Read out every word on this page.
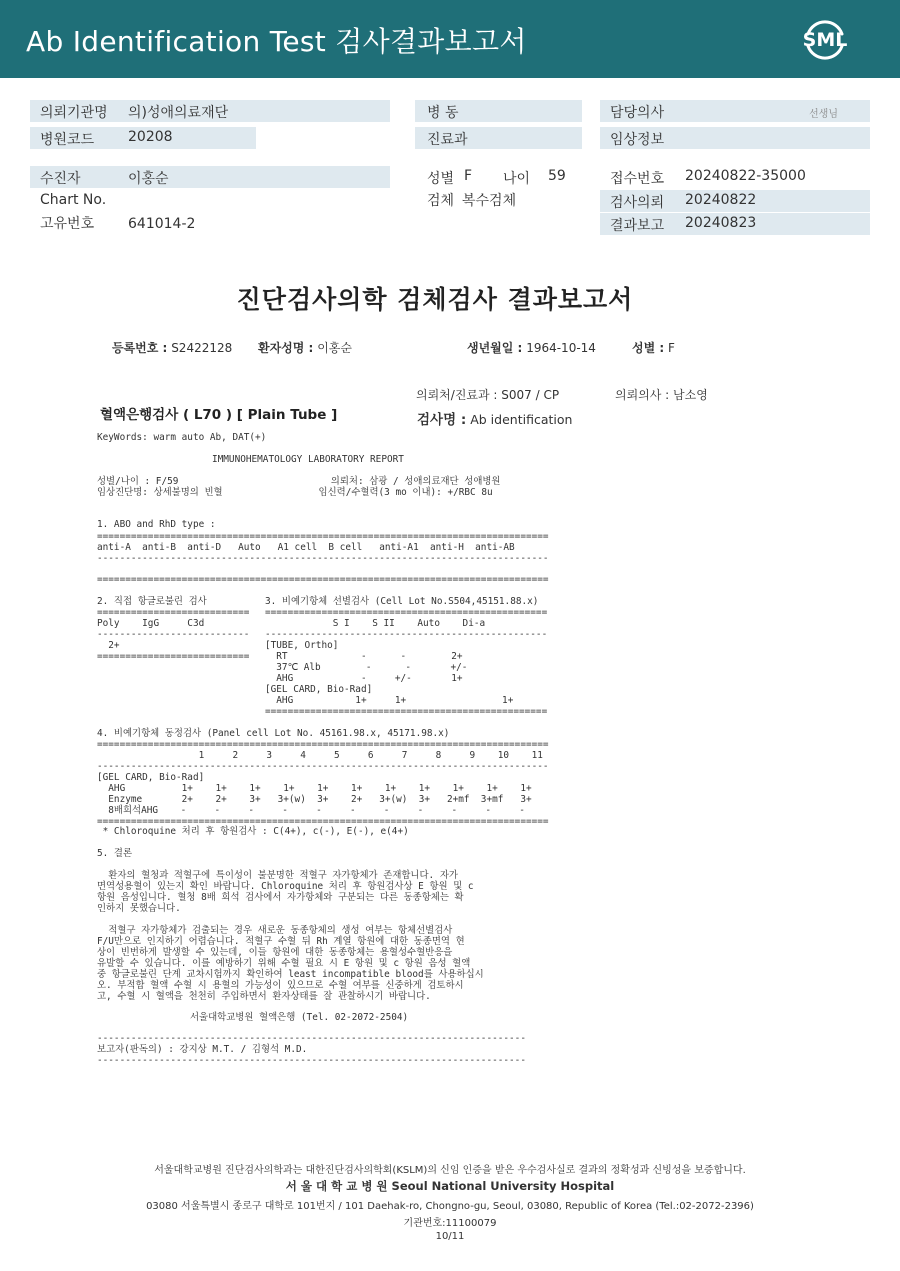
Ab Identification Test 검사결과보고서	SML
의뢰기관명 의)성애의료재단	병 동	담당의사	선생님
병원코드 20208	진료과	임상정보
수진자	이홍순	성별 F 나이 59	접수번호 20240822-35000
Chart No.	검체 복수검체	검사의뢰 20240822
고유번호 641014-2	결과보고 20240823
진단검사의학 검체검사 결과보고서
등록번호 : S2422128 환자성명 : 이홍순	생년월일 : 1964-10-14	성별 : F
의뢰처/진료과 : S007 / CP	의뢰의사 : 남소영
혈액은행검사 ( L70 ) [ Plain Tube ]	검사명 : Ab identification
KeyWords: warm auto Ab, DAT(+)
IMMUNOHEMATOLOGY LABORATORY REPORT
성별/나이 : F/59                           의뢰처: 삼광 / 성애의료재단 성애병원
임상진단명: 상세불명의 빈혈                 임신력/수혈력(3 mo 이내): +/RBC 8u
1. ABO and RhD type :
================================================================================
anti-A  anti-B  anti-D   Auto   A1 cell  B cell   anti-A1  anti-H  anti-AB
--------------------------------------------------------------------------------
================================================================================
2. 직접 항글로불린 검사	3. 비예기항체 선별검사 (Cell Lot No.S504,45151.88.x)
=========================== ==================================================
Poly    IgG     C3d	S I    S II    Auto    Di-a
--------------------------- --------------------------------------------------
2+
===========================
[TUBE, Ortho]
RT             -      -        2+
37℃ Alb        -      -       +/-
AHG            -     +/-       1+
[GEL CARD, Bio-Rad]
AHG           1+     1+                 1+
==================================================
4. 비예기항체 동정검사 (Panel cell Lot No. 45161.98.x, 45171.98.x)
================================================================================
1     2     3     4     5     6     7     8     9    10    11
--------------------------------------------------------------------------------
[GEL CARD, Bio-Rad]
AHG          1+    1+    1+    1+    1+    1+    1+    1+    1+    1+    1+
Enzyme       2+    2+    3+   3+(w)  3+    2+   3+(w)  3+   2+mf  3+mf   3+
8배희석AHG    -     -     -     -     -     -     -     -     -     -     -
================================================================================
* Chloroquine 처리 후 항원검사 : C(4+), c(-), E(-), e(4+)
5. 결론
환자의 혈청과 적혈구에 특이성이 불분명한 적혈구 자가항체가 존재합니다. 자가
면역성용혈이 있는지 확인 바랍니다. Chloroquine 처리 후 항원검사상 E 항원 및 c
항원 음성입니다. 혈청 8배 희석 검사에서 자가항체와 구분되는 다른 동종항체는 확
인하지 못했습니다.
적혈구 자가항체가 검출되는 경우 새로운 동종항체의 생성 여부는 항체선별검사
F/U만으로 인지하기 어렵습니다. 적혈구 수혈 뒤 Rh 계열 항원에 대한 동종면역 현
상이 빈번하게 발생할 수 있는데, 이들 항원에 대한 동종항체는 용혈성수혈반응을
유발할 수 있습니다. 이를 예방하기 위해 수혈 필요 시 E 항원 및 c 항원 음성 혈액
중 항글로불린 단계 교차시험까지 확인하여 least incompatible blood를 사용하십시
오. 부적합 혈액 수혈 시 용혈의 가능성이 있으므로 수혈 여부를 신중하게 검토하시
고, 수혈 시 혈액을 천천히 주입하면서 환자상태를 잘 관찰하시기 바랍니다.
서울대학교병원 혈액은행 (Tel. 02-2072-2504)
----------------------------------------------------------------------------
보고자(판독의) : 강지상 M.T. / 김형석 M.D.
----------------------------------------------------------------------------
서울대학교병원 진단검사의학과는 대한진단검사의학회(KSLM)의 신임 인증을 받은 우수검사실로 결과의 정확성과 신빙성을 보증합니다.
서 울 대 학 교 병 원 Seoul National University Hospital
03080 서울특별시 종로구 대학로 101번지 / 101 Daehak-ro, Chongno-gu, Seoul, 03080, Republic of Korea (Tel.:02-2072-2396)
기관번호:11100079
10/11
